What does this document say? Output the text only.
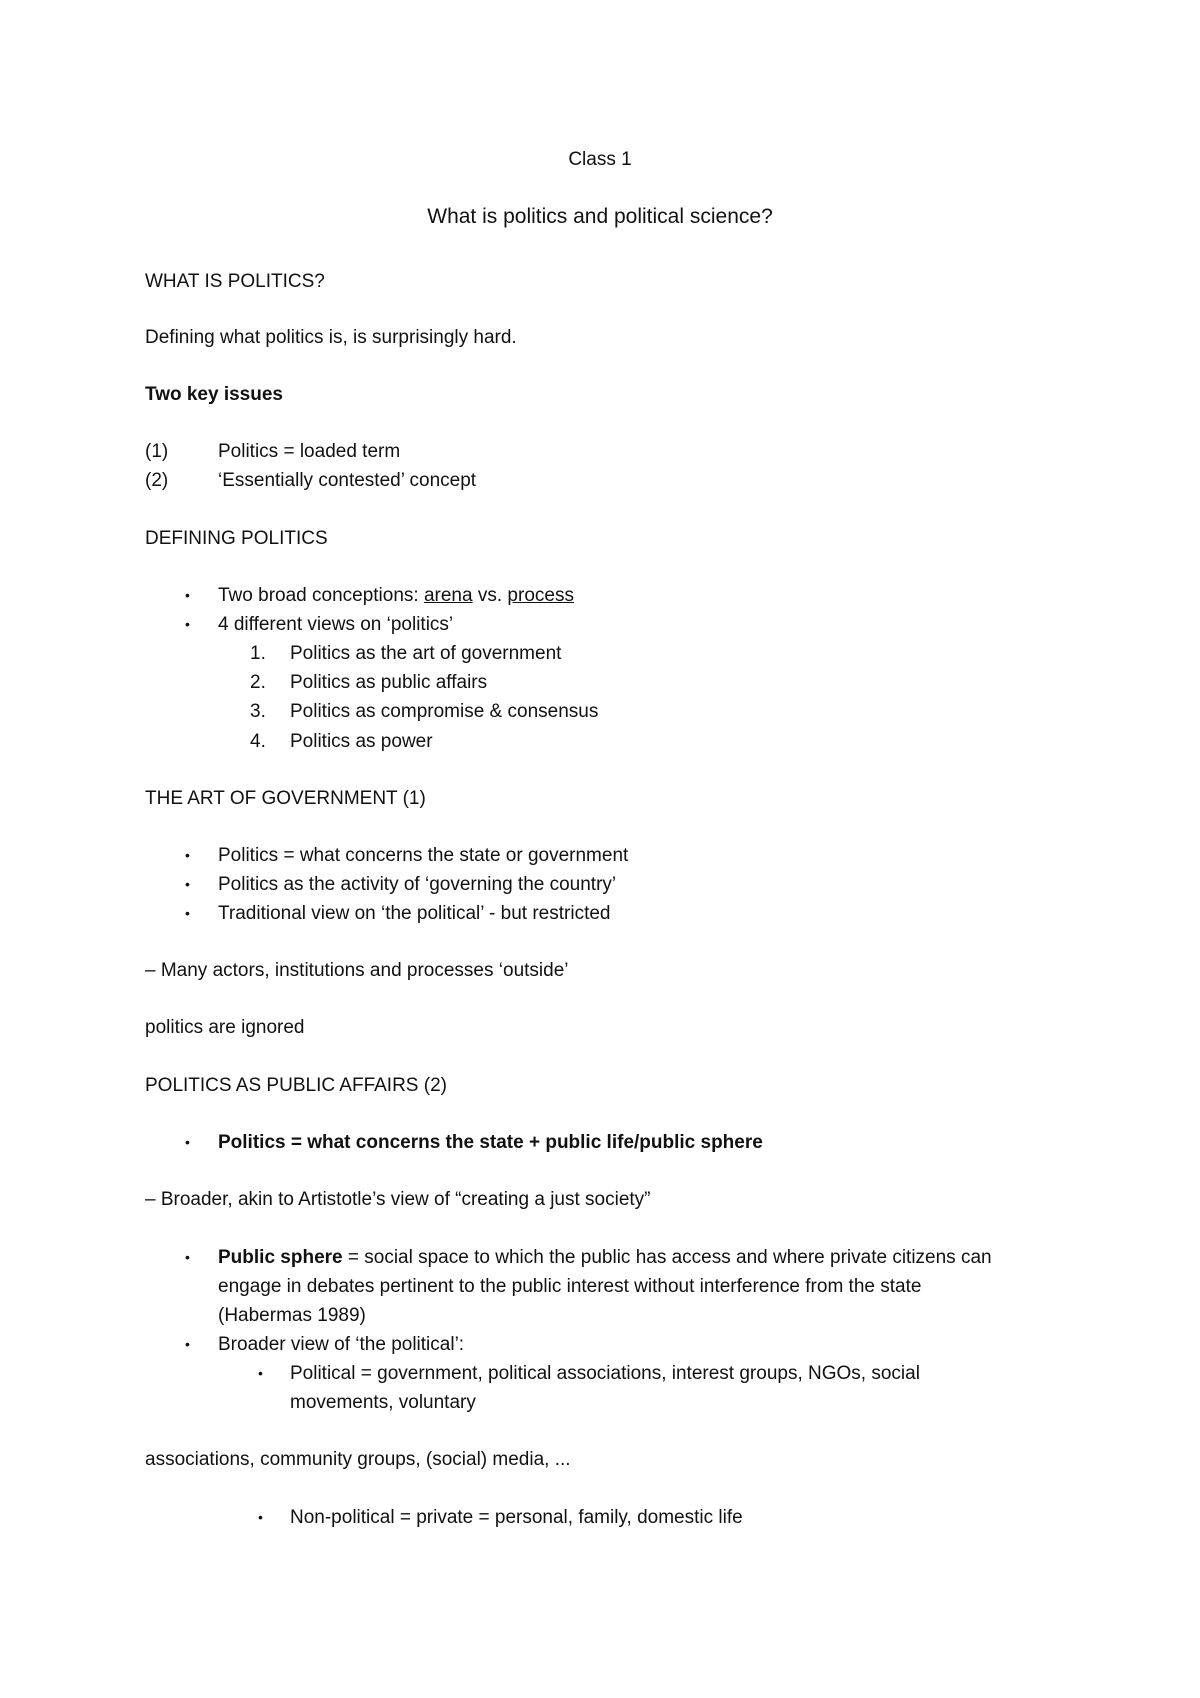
Class 1
What is politics and political science?
WHAT IS POLITICS?
Defining what politics is, is surprisingly hard.
Two key issues
(1)	Politics = loaded term
(2)	‘Essentially contested’ concept
DEFINING POLITICS
• Two broad conceptions: arena vs. process
• 4 different views on ‘politics’
1. Politics as the art of government
2. Politics as public affairs
3. Politics as compromise & consensus
4. Politics as power
THE ART OF GOVERNMENT (1)
• Politics = what concerns the state or government
• Politics as the activity of ‘governing the country’
• Traditional view on ‘the political’ - but restricted
– Many actors, institutions and processes ‘outside’
politics are ignored
POLITICS AS PUBLIC AFFAIRS (2)
• Politics = what concerns the state + public life/public sphere
– Broader, akin to Artistotle’s view of “creating a just society”
• Public sphere = social space to which the public has access and where private citizens can
engage in debates pertinent to the public interest without interference from the state
(Habermas 1989)
• Broader view of ‘the political’:
• Political = government, political associations, interest groups, NGOs, social
movements, voluntary
associations, community groups, (social) media, ...
• Non-political = private = personal, family, domestic life
